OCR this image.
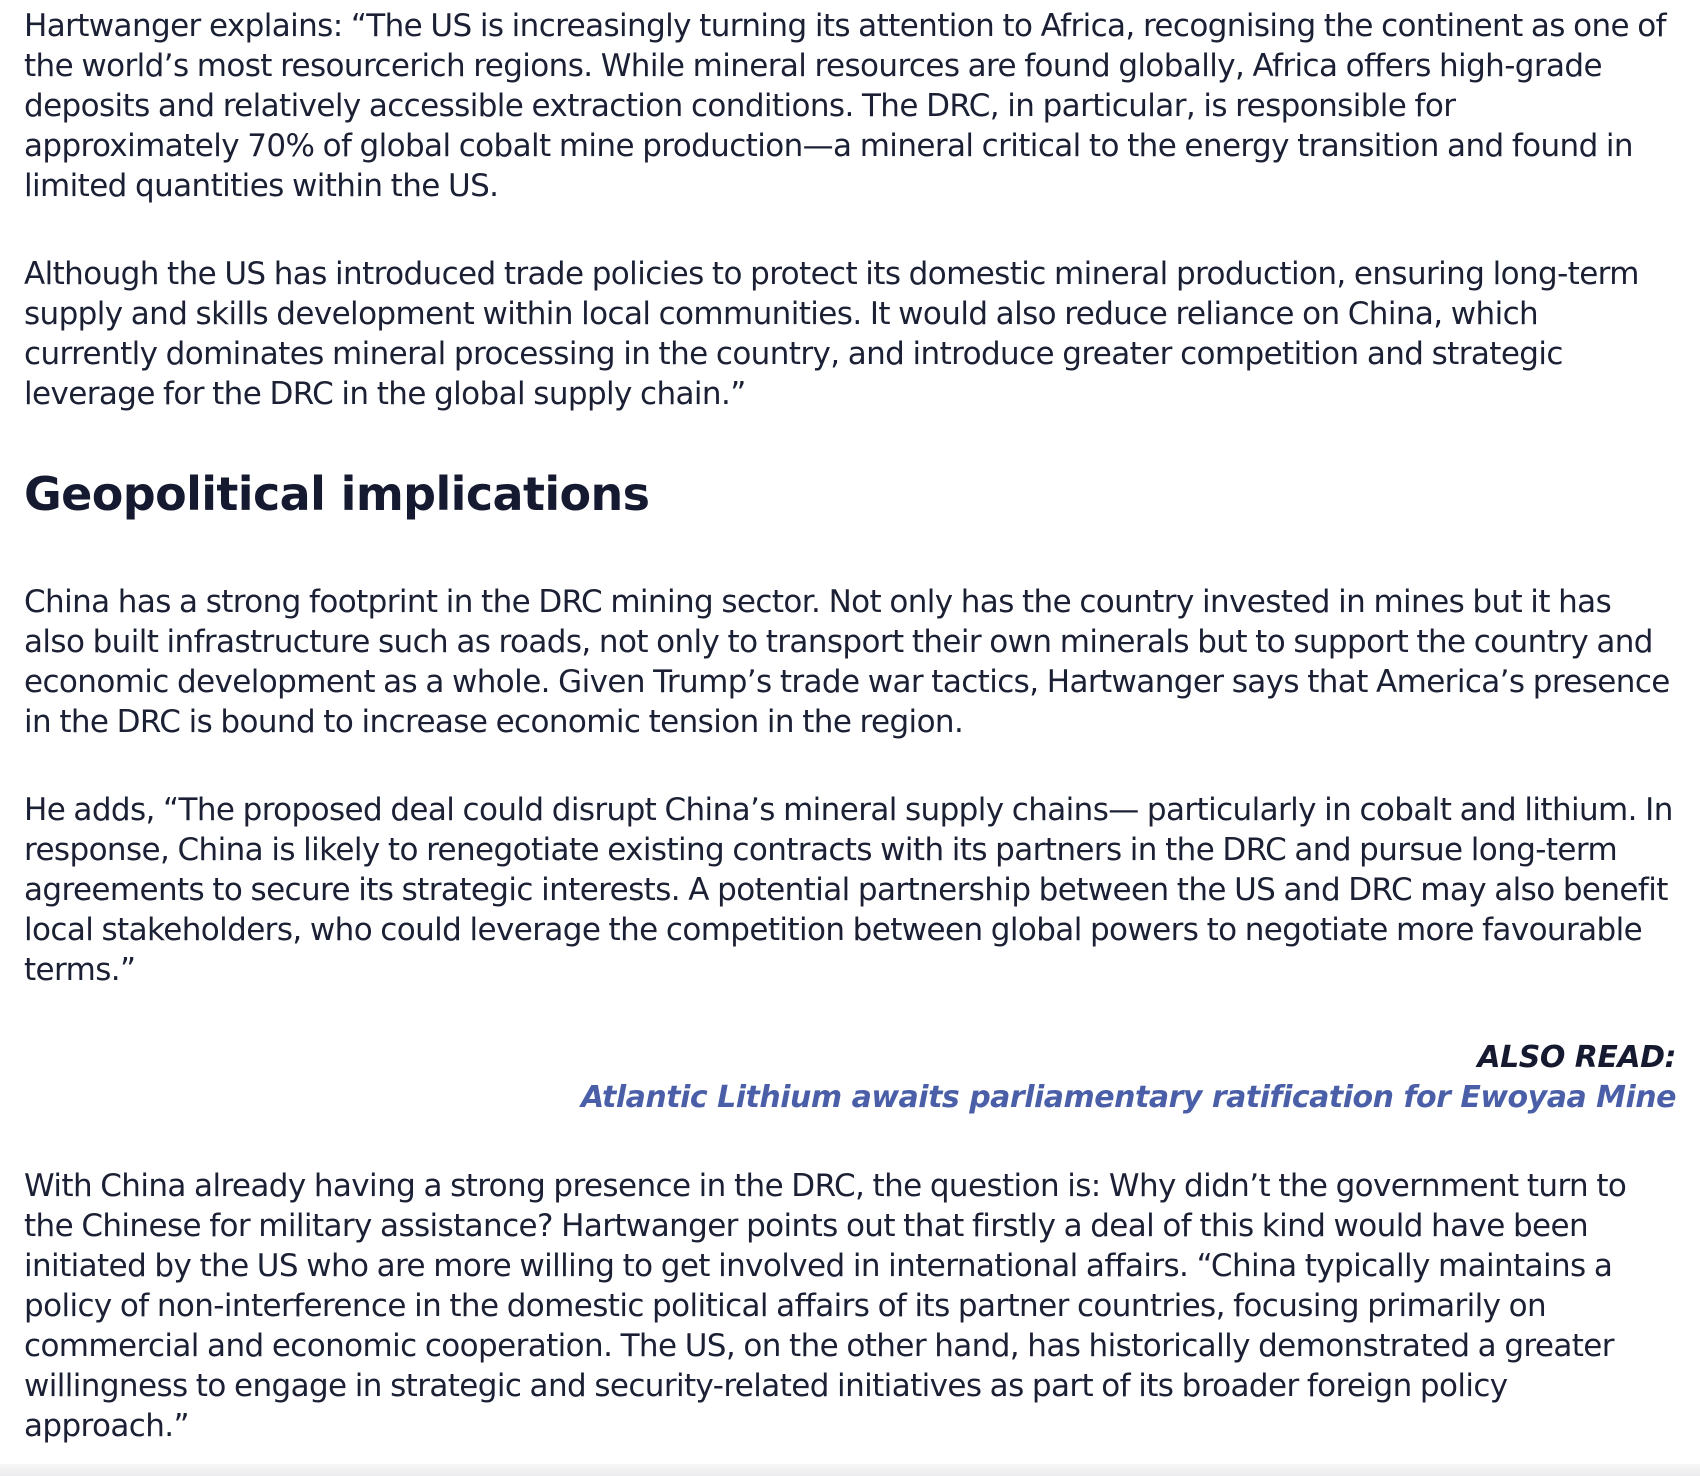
Hartwanger explains: “The US is increasingly turning its attention to Africa, recognising the continent as one of the world’s most resourcerich regions. While mineral resources are found globally, Africa offers high-grade deposits and relatively accessible extraction conditions. The DRC, in particular, is responsible for approximately 70% of global cobalt mine production—a mineral critical to the energy transition and found in limited quantities within the US.

Although the US has introduced trade policies to protect its domestic mineral production, ensuring long-term supply and skills development within local communities. It would also reduce reliance on China, which currently dominates mineral processing in the country, and introduce greater competition and strategic leverage for the DRC in the global supply chain.”

Geopolitical implications

China has a strong footprint in the DRC mining sector. Not only has the country invested in mines but it has also built infrastructure such as roads, not only to transport their own minerals but to support the country and economic development as a whole. Given Trump’s trade war tactics, Hartwanger says that America’s presence in the DRC is bound to increase economic tension in the region.

He adds, “The proposed deal could disrupt China’s mineral supply chains— particularly in cobalt and lithium. In response, China is likely to renegotiate existing contracts with its partners in the DRC and pursue long-term agreements to secure its strategic interests. A potential partnership between the US and DRC may also benefit local stakeholders, who could leverage the competition between global powers to negotiate more favourable terms.”

ALSO READ:
Atlantic Lithium awaits parliamentary ratification for Ewoyaa Mine

With China already having a strong presence in the DRC, the question is: Why didn’t the government turn to the Chinese for military assistance? Hartwanger points out that firstly a deal of this kind would have been initiated by the US who are more willing to get involved in international affairs. “China typically maintains a policy of non-interference in the domestic political affairs of its partner countries, focusing primarily on commercial and economic cooperation. The US, on the other hand, has historically demonstrated a greater willingness to engage in strategic and security-related initiatives as part of its broader foreign policy approach.”
